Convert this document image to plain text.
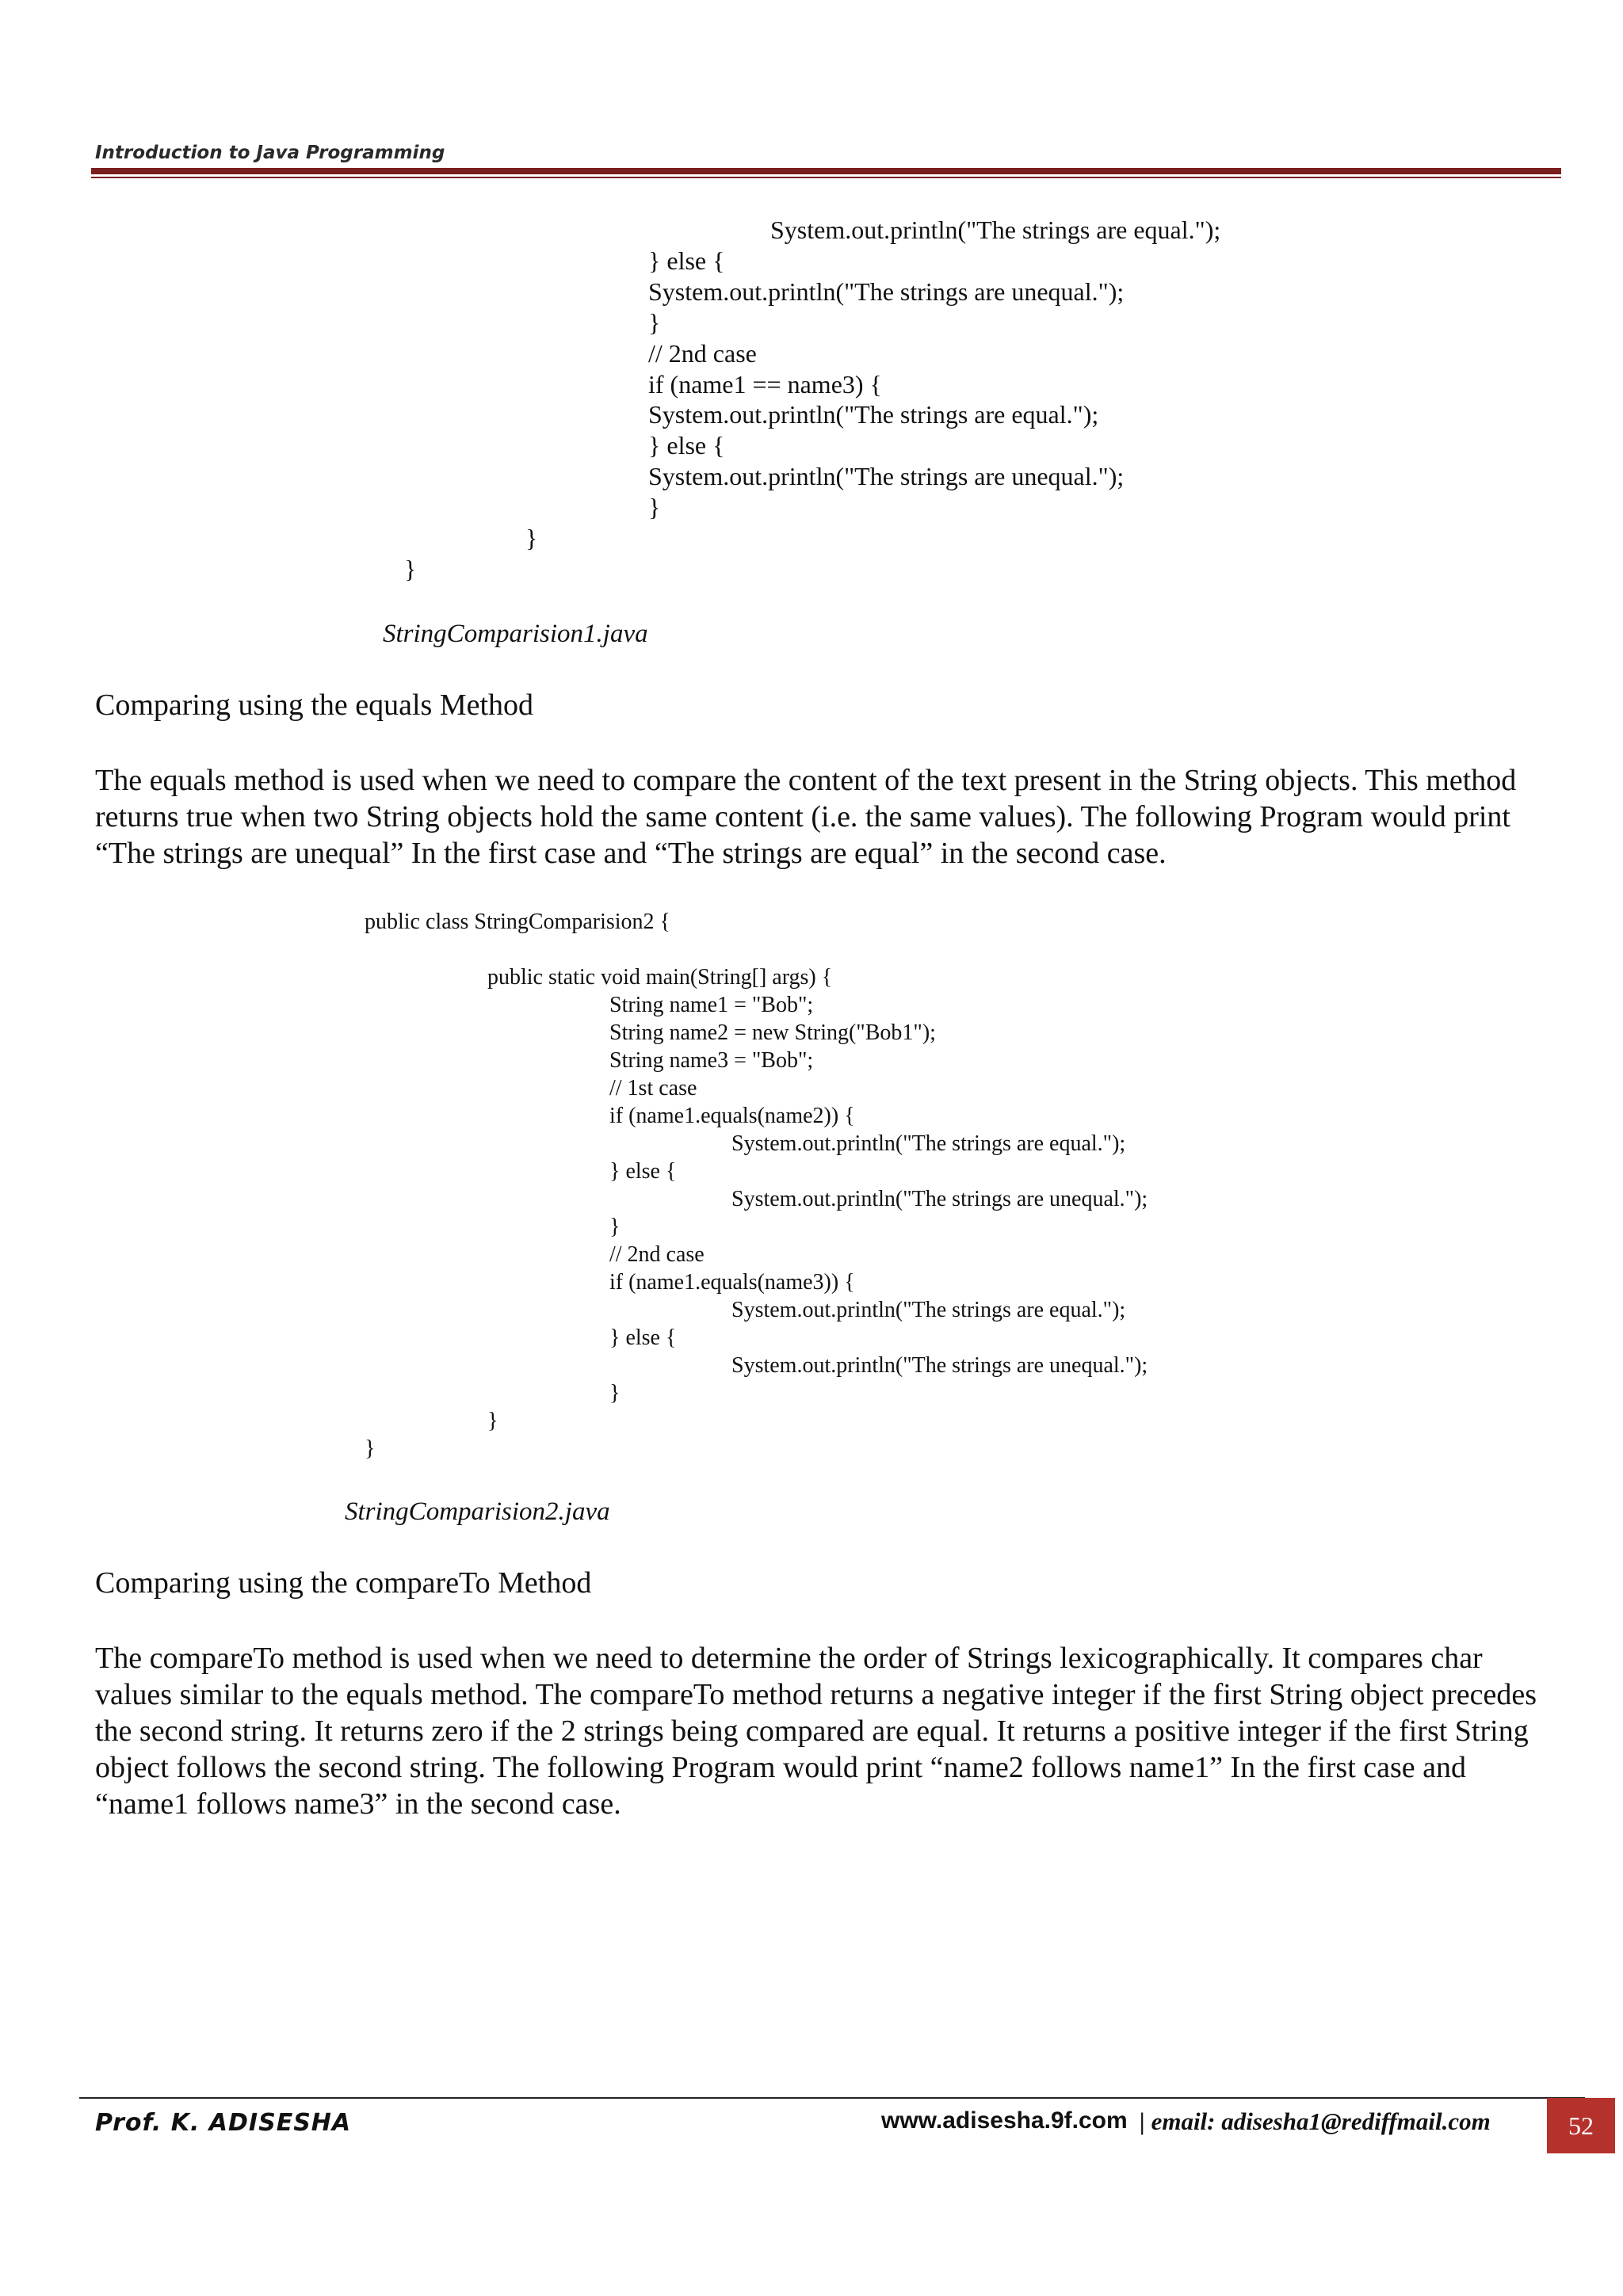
Introduction to Java Programming

System.out.println("The strings are equal.");

} else {

System.out.println("The strings are unequal.");

}

// 2nd case

if (name1 == name3) {

System.out.println("The strings are equal.");

} else {

System.out.println("The strings are unequal.");

}

}

}

StringComparision1.java
Comparing using the equals Method
The equals method is used when we need to compare the content of the text present in the String objects. This method returns true when two String objects hold the same content (i.e. the same values). The following Program would print “The strings are unequal” In the first case and “The strings are equal” in the second case.

public class StringComparision2 {

public static void main(String[] args) {

String name1 = "Bob";

String name2 = new String("Bob1");

String name3 = "Bob";

// 1st case

if (name1.equals(name2)) {

System.out.println("The strings are equal.");

} else {

System.out.println("The strings are unequal.");

}

// 2nd case

if (name1.equals(name3)) {

System.out.println("The strings are equal.");

} else {

System.out.println("The strings are unequal.");

}

}

}

StringComparision2.java
Comparing using the compareTo Method
The compareTo method is used when we need to determine the order of Strings lexicographically. It compares char values similar to the equals method. The compareTo method returns a negative integer if the first String object precedes the second string. It returns zero if the 2 strings being compared are equal. It returns a positive integer if the first String object follows the second string. The following Program would print “name2 follows name1” In the first case and “name1 follows name3” in the second case.
Prof. K. ADISESHA	www.adisesha.9f.com | email: adisesha1@rediffmail.com	52
